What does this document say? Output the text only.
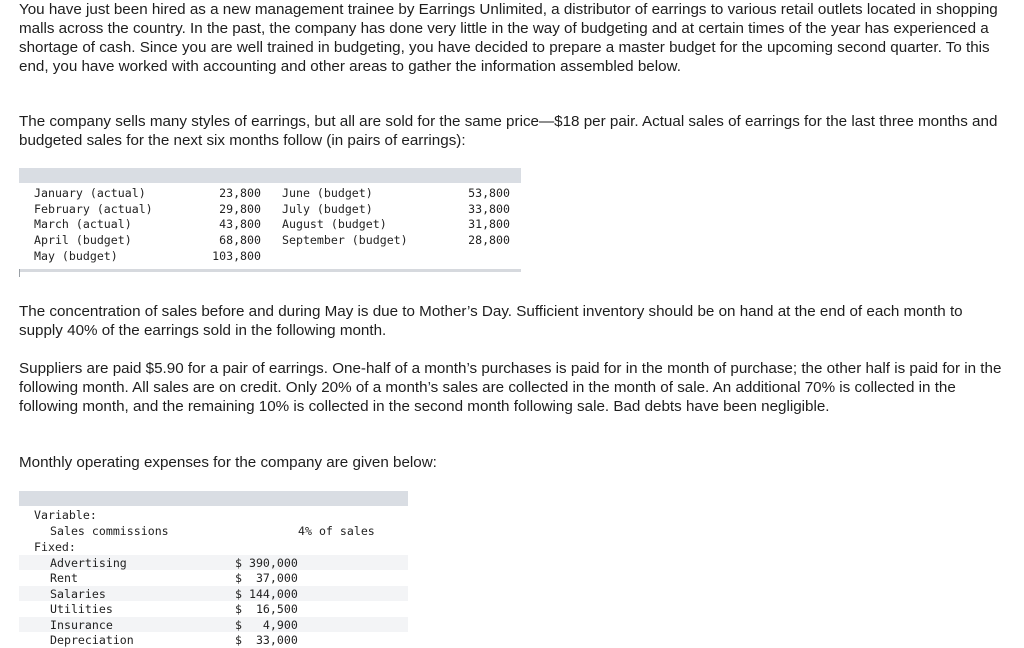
You have just been hired as a new management trainee by Earrings Unlimited, a distributor of earrings to various retail outlets located in shopping malls across the country. In the past, the company has done very little in the way of budgeting and at certain times of the year has experienced a shortage of cash. Since you are well trained in budgeting, you have decided to prepare a master budget for the upcoming second quarter. To this end, you have worked with accounting and other areas to gather the information assembled below.

The company sells many styles of earrings, but all are sold for the same price—$18 per pair. Actual sales of earrings for the last three months and budgeted sales for the next six months follow (in pairs of earrings):

January (actual)	23,800
February (actual)	29,800
March (actual)	43,800
April (budget)	68,800
May (budget)	103,800
June (budget)	53,800
July (budget)	33,800
August (budget)	31,800
September (budget)	28,800

The concentration of sales before and during May is due to Mother’s Day. Sufficient inventory should be on hand at the end of each month to supply 40% of the earrings sold in the following month.

Suppliers are paid $5.90 for a pair of earrings. One-half of a month’s purchases is paid for in the month of purchase; the other half is paid for in the following month. All sales are on credit. Only 20% of a month’s sales are collected in the month of sale. An additional 70% is collected in the following month, and the remaining 10% is collected in the second month following sale. Bad debts have been negligible.

Monthly operating expenses for the company are given below:

Variable:
Sales commissions	4% of sales
Fixed:
Advertising	$ 390,000
Rent	$  37,000
Salaries	$ 144,000
Utilities	$  16,500
Insurance	$   4,900
Depreciation	$  33,000
